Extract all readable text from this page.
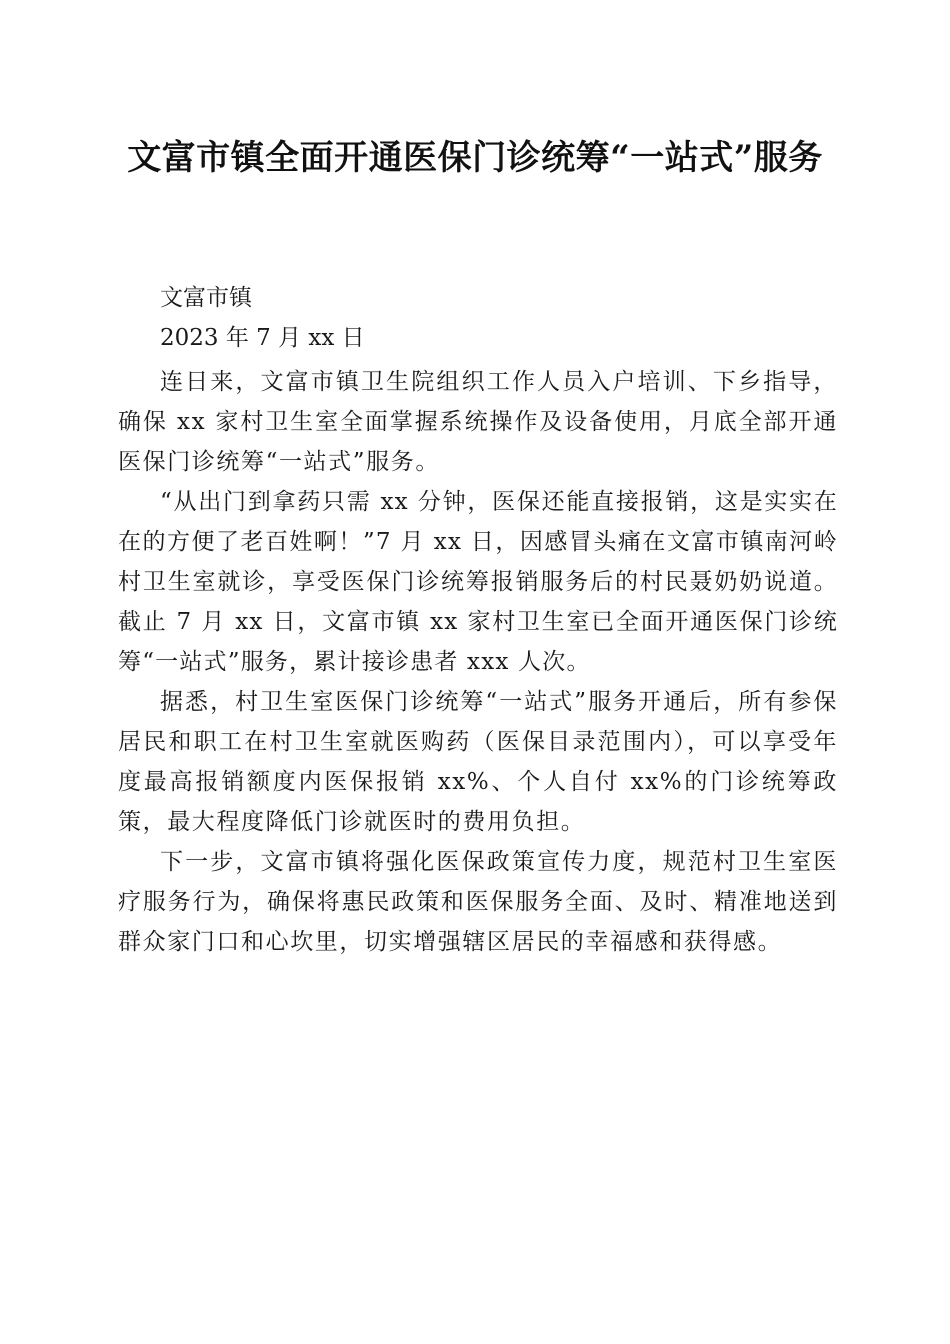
文富市镇全面开通医保门诊统筹“一站式”服务

文富市镇

2023 年 7 月 xx 日

连日来，文富市镇卫生院组织工作人员入户培训、下乡指导，确保 xx 家村卫生室全面掌握系统操作及设备使用，月底全部开通医保门诊统筹“一站式”服务。

“从出门到拿药只需 xx 分钟，医保还能直接报销，这是实实在在的方便了老百姓啊！”7 月 xx 日，因感冒头痛在文富市镇南河岭村卫生室就诊，享受医保门诊统筹报销服务后的村民聂奶奶说道。截止 7 月 xx 日，文富市镇 xx 家村卫生室已全面开通医保门诊统筹“一站式”服务，累计接诊患者 xxx 人次。

据悉，村卫生室医保门诊统筹“一站式”服务开通后，所有参保居民和职工在村卫生室就医购药（医保目录范围内），可以享受年度最高报销额度内医保报销 xx%、个人自付 xx%的门诊统筹政策，最大程度降低门诊就医时的费用负担。

下一步，文富市镇将强化医保政策宣传力度，规范村卫生室医疗服务行为，确保将惠民政策和医保服务全面、及时、精准地送到群众家门口和心坎里，切实增强辖区居民的幸福感和获得感。
